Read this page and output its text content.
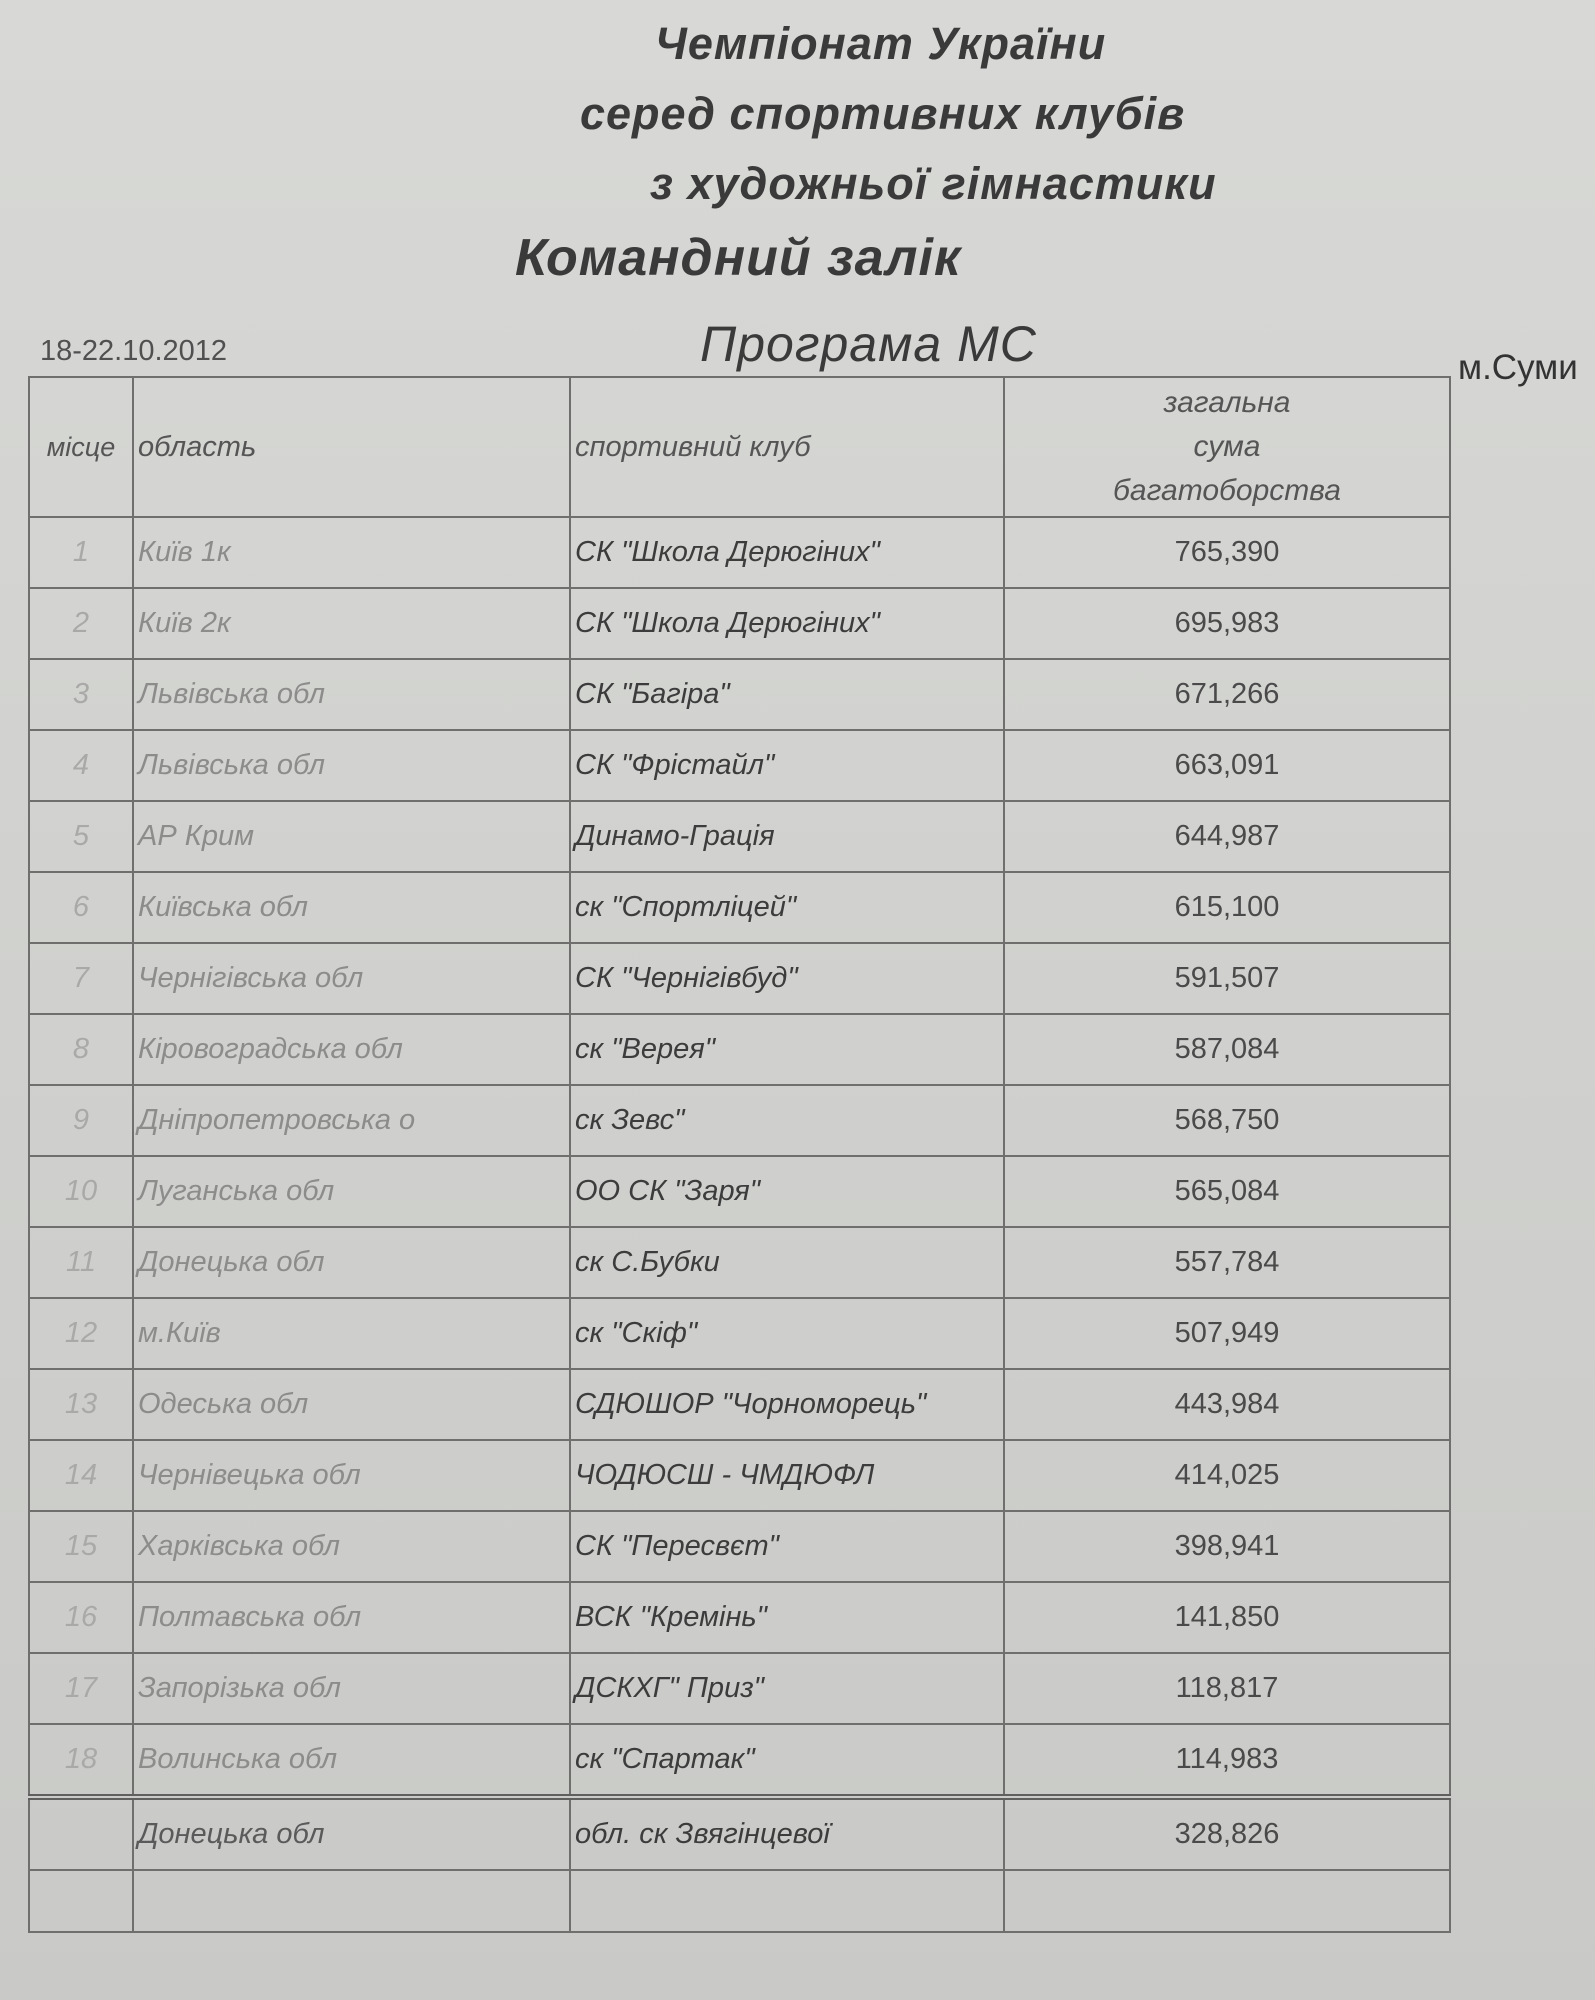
Чемпіонат України
серед спортивних клубів
з художньої гімнастики
Командний залік
Програма МС
18-22.10.2012	м.Суми
місце	область	спортивний клуб	загальна
сума
багатоборства

1	Київ 1к	СК "Школа Дерюгіних"	765,390
2	Київ 2к	СК "Школа Дерюгіних"	695,983
3	Львівська обл	СК "Багіра"	671,266
4	Львівська обл	СК "Фрістайл"	663,091
5	АР Крим	Динамо-Грація	644,987
6	Київська обл	ск "Спортліцей"	615,100
7	Чернігівська обл	СК "Чернігівбуд"	591,507
8	Кіровоградська обл	ск "Верея"	587,084
9	Дніпропетровська о	ск Зевс"	568,750
10	Луганська обл	ОО СК "Заря"	565,084
11	Донецька обл	ск С.Бубки	557,784
12	м.Київ	ск "Скіф"	507,949
13	Одеська обл	СДЮШОР "Чорноморець"	443,984
14	Чернівецька обл	ЧОДЮСШ - ЧМДЮФЛ	414,025
15	Харківська обл	СК "Пересвєт"	398,941
16	Полтавська обл	ВСК "Кремінь"	141,850
17	Запорізька обл	ДСКХГ" Приз"	118,817
18	Волинська обл	ск "Спартак"	114,983
	Донецька обл	обл. ск Звягінцевої	328,826
